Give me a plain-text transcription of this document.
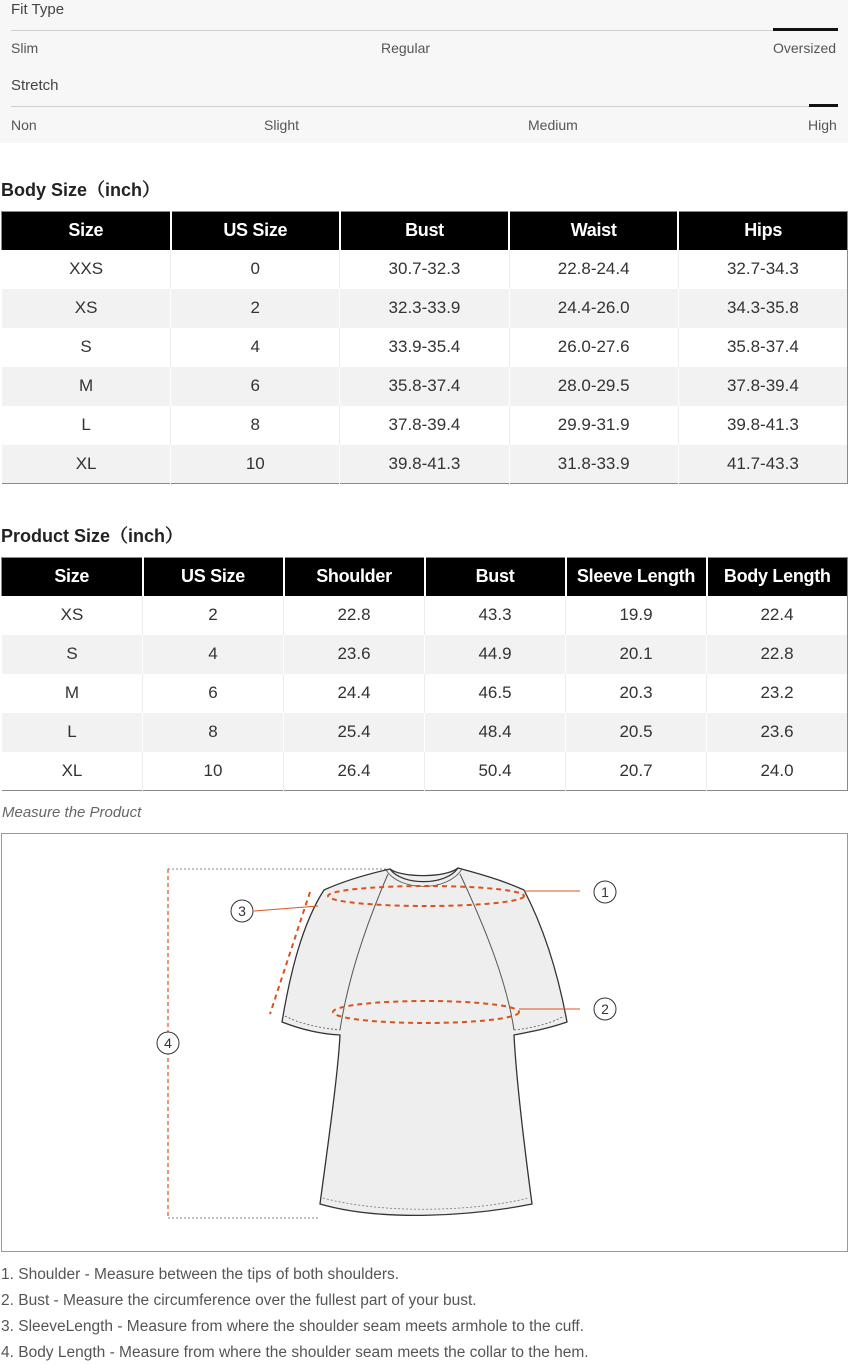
Fit Type
Slim	Regular	Oversized
Stretch
Non	Slight	Medium	High
Body Size（inch）
Size	US Size	Bust	Waist	Hips
XXS	0	30.7-32.3	22.8-24.4	32.7-34.3
XS	2	32.3-33.9	24.4-26.0	34.3-35.8
S	4	33.9-35.4	26.0-27.6	35.8-37.4
M	6	35.8-37.4	28.0-29.5	37.8-39.4
L	8	37.8-39.4	29.9-31.9	39.8-41.3
XL	10	39.8-41.3	31.8-33.9	41.7-43.3
Product Size（inch）
Size	US Size	Shoulder	Bust	Sleeve Length	Body Length
XS	2	22.8	43.3	19.9	22.4
S	4	23.6	44.9	20.1	22.8
M	6	24.4	46.5	20.3	23.2
L	8	25.4	48.4	20.5	23.6
XL	10	26.4	50.4	20.7	24.0
Measure the Product
1
2
3
4
1. Shoulder - Measure between the tips of both shoulders.
2. Bust - Measure the circumference over the fullest part of your bust.
3. SleeveLength - Measure from where the shoulder seam meets armhole to the cuff.
4. Body Length - Measure from where the shoulder seam meets the collar to the hem.
